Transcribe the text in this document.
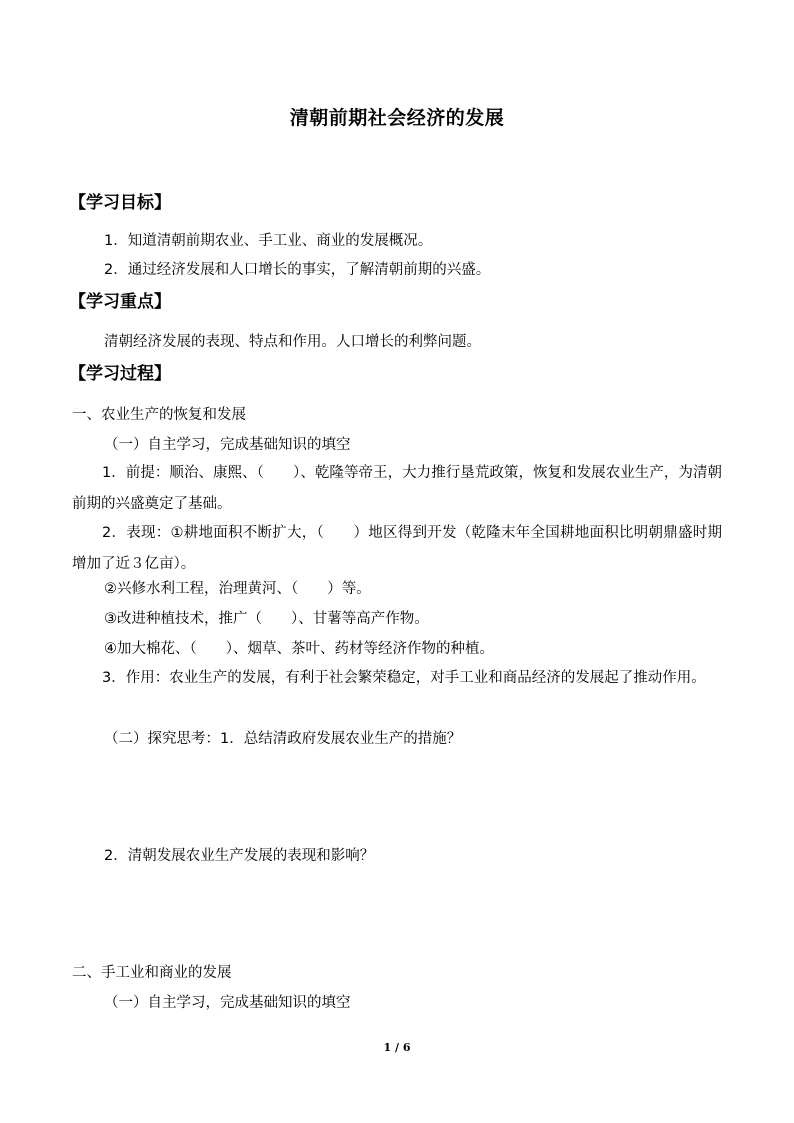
清朝前期社会经济的发展
【学习目标】
1．知道清朝前期农业、手工业、商业的发展概况。
2．通过经济发展和人口增长的事实，了解清朝前期的兴盛。
【学习重点】
清朝经济发展的表现、特点和作用。人口增长的利弊问题。
【学习过程】
一、农业生产的恢复和发展
（一）自主学习，完成基础知识的填空
1．前提：顺治、康熙、（　　）、乾隆等帝王，大力推行垦荒政策，恢复和发展农业生产，为清朝前期的兴盛奠定了基础。
2．表现：①耕地面积不断扩大，（　　）地区得到开发（乾隆末年全国耕地面积比明朝鼎盛时期增加了近３亿亩）。
②兴修水利工程，治理黄河、（　　）等。
③改进种植技术，推广（　　）、甘薯等高产作物。
④加大棉花、（　　）、烟草、茶叶、药材等经济作物的种植。
3．作用：农业生产的发展，有利于社会繁荣稳定，对手工业和商品经济的发展起了推动作用。
（二）探究思考：1．总结清政府发展农业生产的措施？
2．清朝发展农业生产发展的表现和影响？
二、手工业和商业的发展
（一）自主学习，完成基础知识的填空
1 / 6
